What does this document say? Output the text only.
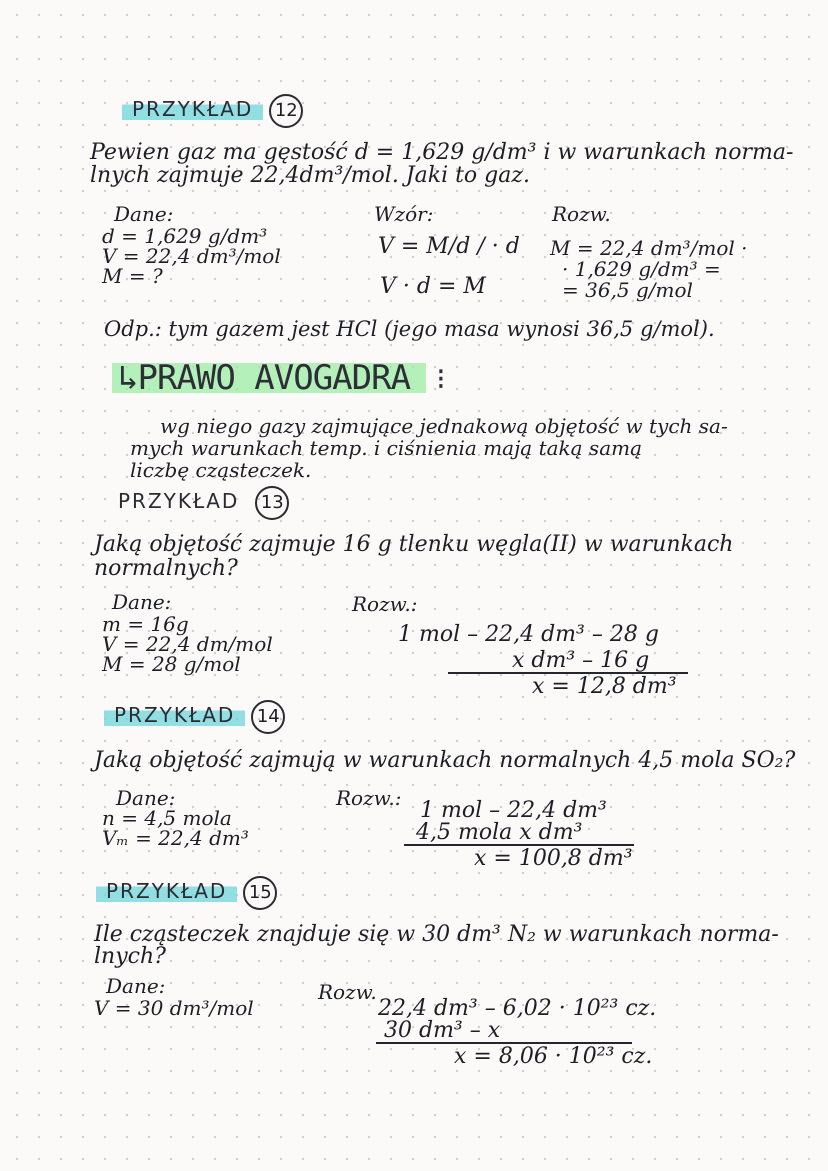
PRZYKŁAD 12
Pewien gaz ma gęstość d = 1,629 g/dm³ i w warunkach norma-
lnych zajmuje 22,4dm³/mol. Jaki to gaz.
Dane:
d = 1,629 g/dm³
V = 22,4 dm³/mol
M = ?
Wzór:
V = M/d / · d
V · d = M
Rozw.
M = 22,4 dm³/mol ·
· 1,629 g/dm³ =
= 36,5 g/mol
Odp.: tym gazem jest HCl (jego masa wynosi 36,5 g/mol).
↳PRAWO AVOGADRA ⁝
wg niego gazy zajmujące jednakową objętość w tych sa-
mych warunkach temp. i ciśnienia mają taką samą
liczbę cząsteczek.
PRZYKŁAD 13
Jaką objętość zajmuje 16 g tlenku węgla(II) w warunkach
normalnych?
Dane:
m = 16g
V = 22,4 dm/mol
M = 28 g/mol
Rozw.:
1 mol – 22,4 dm³ – 28 g
x dm³ – 16 g
x = 12,8 dm³
PRZYKŁAD 14
Jaką objętość zajmują w warunkach normalnych 4,5 mola SO₂?
Dane:
n = 4,5 mola
Vₘ = 22,4 dm³
Rozw.: 1 mol – 22,4 dm³
4,5 mola x dm³
x = 100,8 dm³
PRZYKŁAD 15
Ile cząsteczek znajduje się w 30 dm³ N₂ w warunkach norma-
lnych?
Dane:
V = 30 dm³/mol
Rozw.
22,4 dm³ – 6,02 · 10²³ cz.
30 dm³ – x
x = 8,06 · 10²³ cz.
